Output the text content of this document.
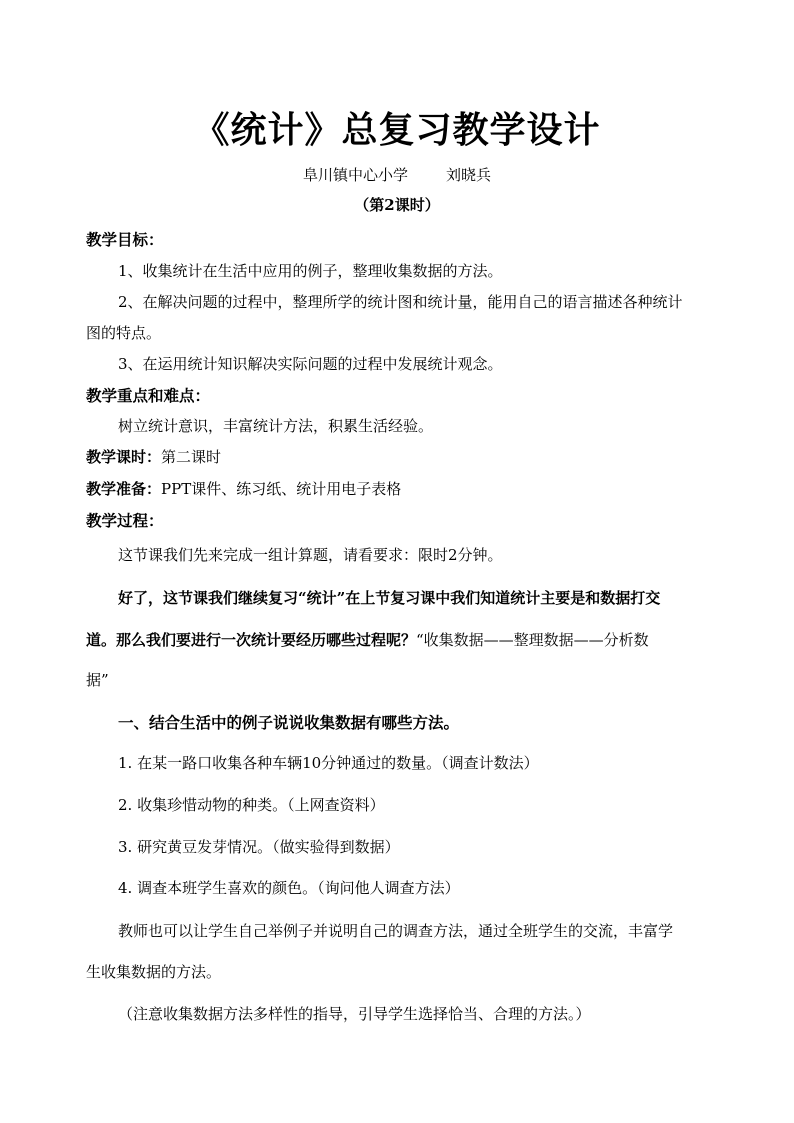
《统计》总复习教学设计
阜川镇中心小学	刘晓兵
（第2课时）
教学目标：
1、收集统计在生活中应用的例子，整理收集数据的方法。
2、在解决问题的过程中，整理所学的统计图和统计量，能用自己的语言描述各种统计
图的特点。
3、在运用统计知识解决实际问题的过程中发展统计观念。
教学重点和难点：
树立统计意识，丰富统计方法，积累生活经验。
教学课时：第二课时
教学准备：PPT课件、练习纸、统计用电子表格
教学过程：
这节课我们先来完成一组计算题，请看要求：限时2分钟。
好了，这节课我们继续复习“统计”在上节复习课中我们知道统计主要是和数据打交
道。那么我们要进行一次统计要经历哪些过程呢？“收集数据——整理数据——分析数
据”
一、结合生活中的例子说说收集数据有哪些方法。
1. 在某一路口收集各种车辆10分钟通过的数量。（调查计数法）
2. 收集珍惜动物的种类。（上网查资料）
3. 研究黄豆发芽情况。（做实验得到数据）
4. 调查本班学生喜欢的颜色。（询问他人调查方法）
教师也可以让学生自己举例子并说明自己的调查方法，通过全班学生的交流，丰富学
生收集数据的方法。
（注意收集数据方法多样性的指导，引导学生选择恰当、合理的方法。）
